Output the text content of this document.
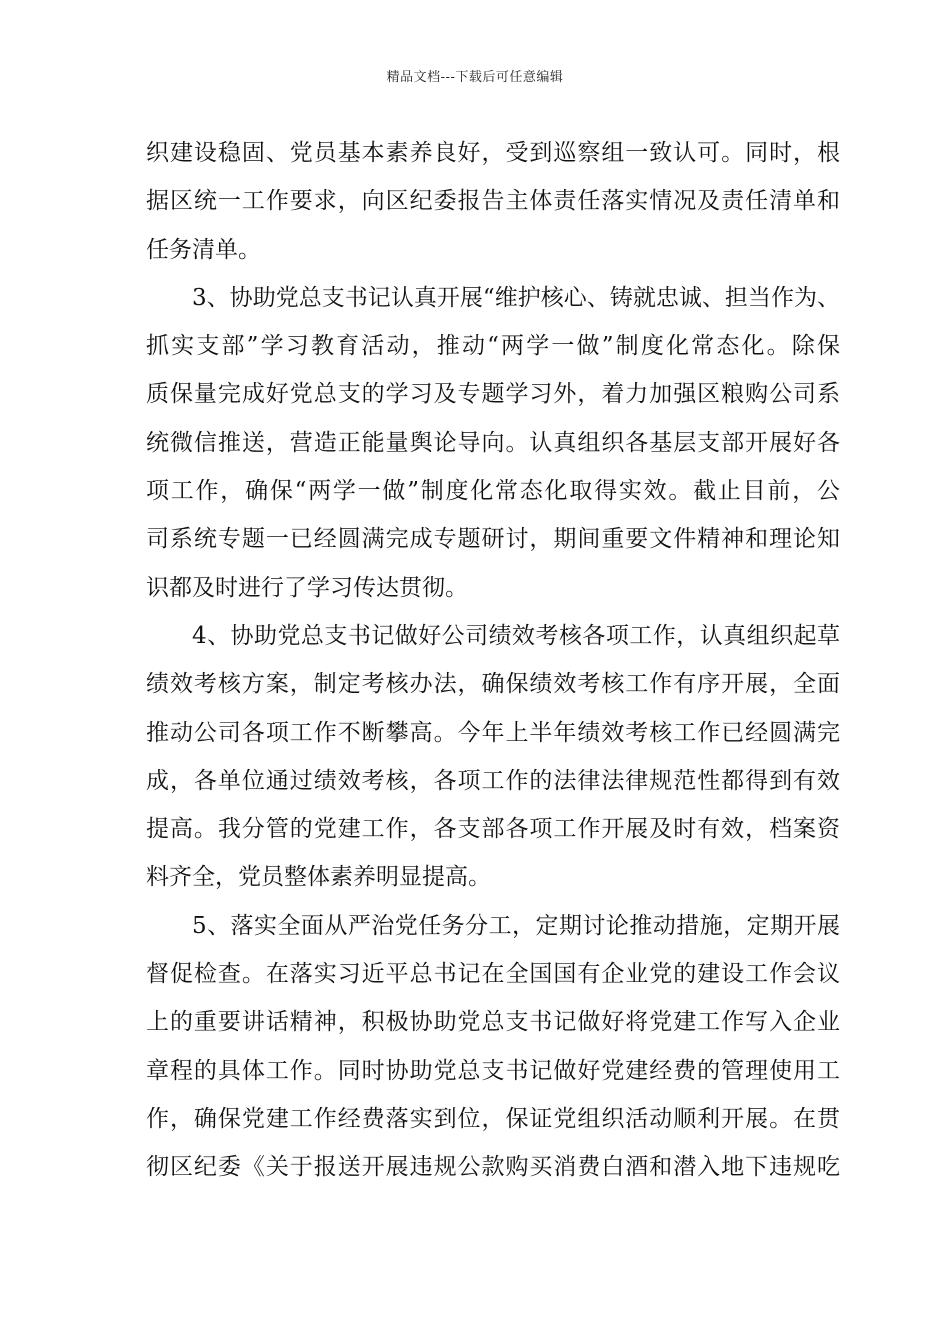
精品文档---下载后可任意编辑
织建设稳固、党员基本素养良好，受到巡察组一致认可。同时，根
据区统一工作要求，向区纪委报告主体责任落实情况及责任清单和
任务清单。
3、协助党总支书记认真开展“维护核心、铸就忠诚、担当作为、
抓实支部”学习教育活动，推动“两学一做”制度化常态化。除保
质保量完成好党总支的学习及专题学习外，着力加强区粮购公司系
统微信推送，营造正能量舆论导向。认真组织各基层支部开展好各
项工作，确保“两学一做”制度化常态化取得实效。截止目前，公
司系统专题一已经圆满完成专题研讨，期间重要文件精神和理论知
识都及时进行了学习传达贯彻。
4、协助党总支书记做好公司绩效考核各项工作，认真组织起草
绩效考核方案，制定考核办法，确保绩效考核工作有序开展，全面
推动公司各项工作不断攀高。今年上半年绩效考核工作已经圆满完
成，各单位通过绩效考核，各项工作的法律法律规范性都得到有效
提高。我分管的党建工作，各支部各项工作开展及时有效，档案资
料齐全，党员整体素养明显提高。
5、落实全面从严治党任务分工，定期讨论推动措施，定期开展
督促检查。在落实习近平总书记在全国国有企业党的建设工作会议
上的重要讲话精神，积极协助党总支书记做好将党建工作写入企业
章程的具体工作。同时协助党总支书记做好党建经费的管理使用工
作，确保党建工作经费落实到位，保证党组织活动顺利开展。在贯
彻区纪委《关于报送开展违规公款购买消费白酒和潜入地下违规吃
